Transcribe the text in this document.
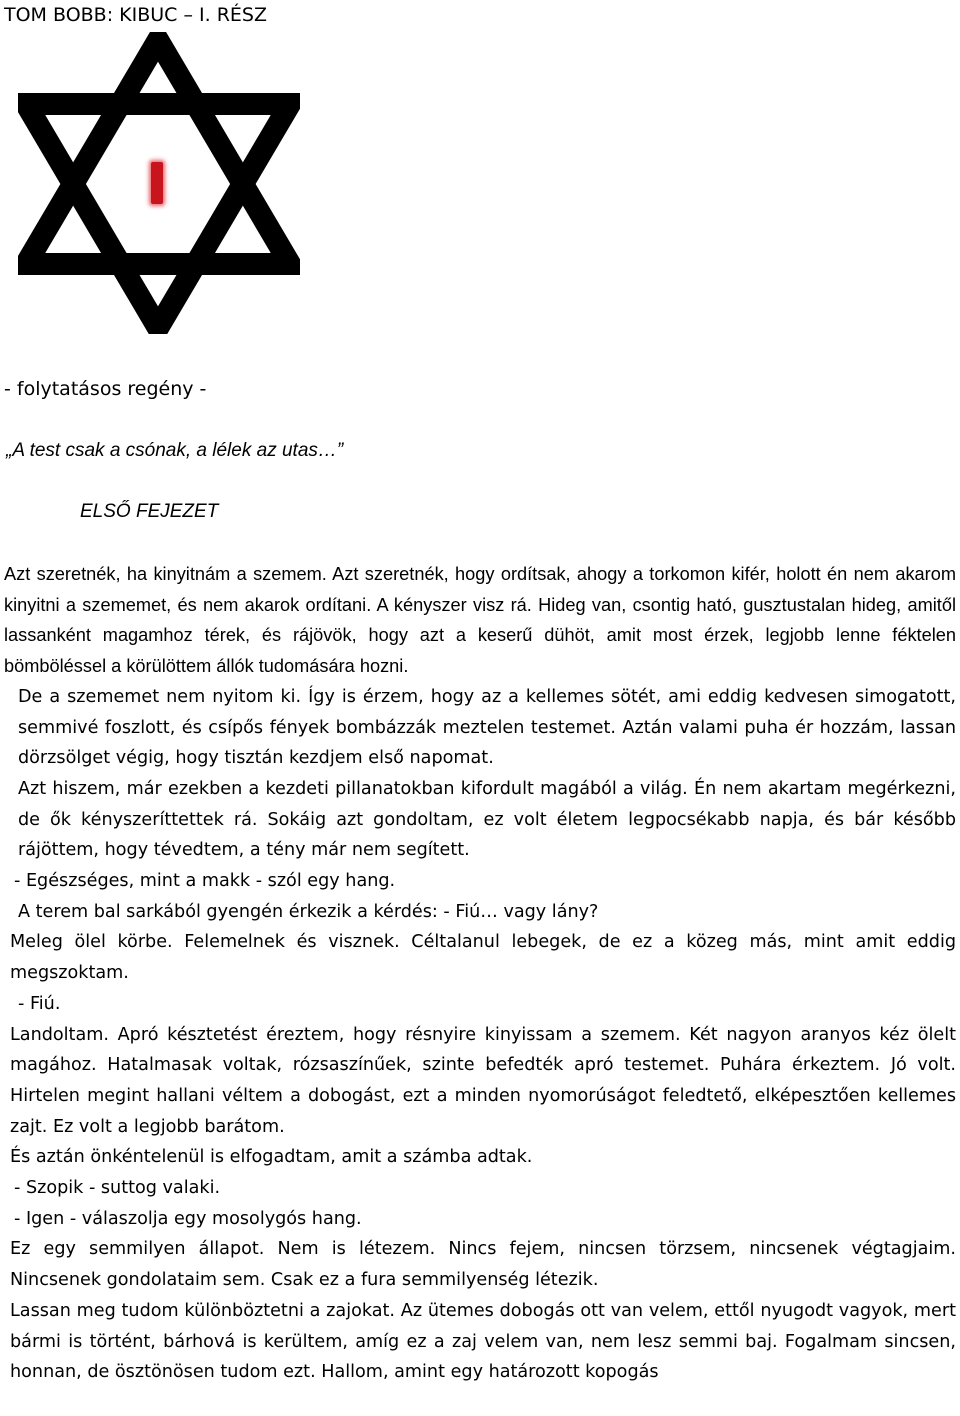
TOM BOBB: KIBUC – I. RÉSZ
- folytatásos regény -
„A test csak a csónak, a lélek az utas…”
ELSŐ FEJEZET

Azt szeretnék, ha kinyitnám a szemem. Azt szeretnék, hogy ordítsak, ahogy a torkomon kifér, holott én nem akarom kinyitni a szememet, és nem akarok ordítani. A kényszer visz rá. Hideg van, csontig ható, gusztustalan hideg, amitől lassanként magamhoz térek, és rájövök, hogy azt a keserű dühöt, amit most érzek, legjobb lenne féktelen bömböléssel a körülöttem állók tudomására hozni.

De a szememet nem nyitom ki. Így is érzem, hogy az a kellemes sötét, ami eddig kedvesen simogatott, semmivé foszlott, és csípős fények bombázzák meztelen testemet. Aztán valami puha ér hozzám, lassan dörzsölget végig, hogy tisztán kezdjem első napomat.

Azt hiszem, már ezekben a kezdeti pillanatokban kifordult magából a világ. Én nem akartam megérkezni, de ők kényszeríttettek rá. Sokáig azt gondoltam, ez volt életem legpocsékabb napja, és bár később rájöttem, hogy tévedtem, a tény már nem segített.

- Egészséges, mint a makk - szól egy hang.

A terem bal sarkából gyengén érkezik a kérdés: - Fiú… vagy lány?

Meleg ölel körbe. Felemelnek és visznek. Céltalanul lebegek, de ez a közeg más, mint amit eddig megszoktam.

- Fiú.

Landoltam. Apró késztetést éreztem, hogy résnyire kinyissam a szemem. Két nagyon aranyos kéz ölelt magához. Hatalmasak voltak, rózsaszínűek, szinte befedték apró testemet. Puhára érkeztem. Jó volt. Hirtelen megint hallani véltem a dobogást, ezt a minden nyomorúságot feledtető, elképesztően kellemes zajt. Ez volt a legjobb barátom.

És aztán önkéntelenül is elfogadtam, amit a számba adtak.

- Szopik - suttog valaki.

- Igen - válaszolja egy mosolygós hang.

Ez egy semmilyen állapot. Nem is létezem. Nincs fejem, nincsen törzsem, nincsenek végtagjaim. Nincsenek gondolataim sem. Csak ez a fura semmilyenség létezik.

Lassan meg tudom különböztetni a zajokat. Az ütemes dobogás ott van velem, ettől nyugodt vagyok, mert bármi is történt, bárhová is kerültem, amíg ez a zaj velem van, nem lesz semmi baj. Fogalmam sincsen, honnan, de ösztönösen tudom ezt. Hallom, amint egy határozott kopogás
